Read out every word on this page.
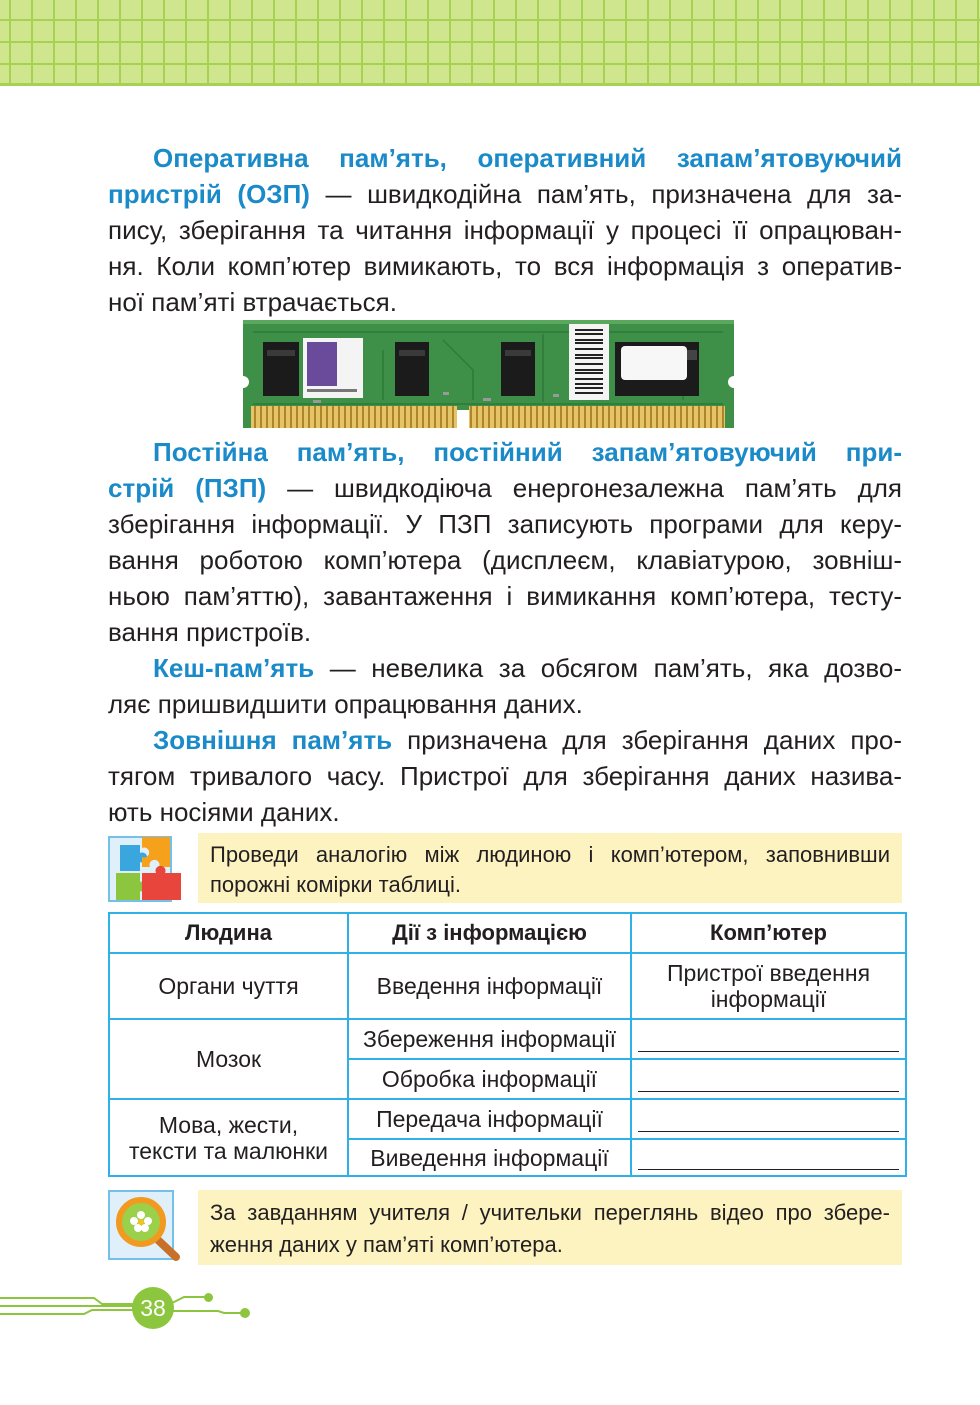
Оперативна пам’ять, оперативний запам’ятовуючий
пристрій (ОЗП) — швидкодійна пам’ять, призначена для за-
пису, зберігання та читання інформації у процесі її опрацюван-
ня. Коли комп’ютер вимикають, то вся інформація з оператив-
ної пам’яті втрачається.
Постійна пам’ять, постійний запам’ятовуючий при-
стрій (ПЗП) — швидкодіюча енергонезалежна пам’ять для
зберігання інформації. У ПЗП записують програми для керу-
вання роботою комп’ютера (дисплеєм, клавіатурою, зовніш-
ньою пам’яттю), завантаження і вимикання комп’ютера, тесту-
вання пристроїв.
Кеш-пам’ять — невелика за обсягом пам’ять, яка дозво-
ляє пришвидшити опрацювання даних.
Зовнішня пам’ять призначена для зберігання даних про-
тягом тривалого часу. Пристрої для зберігання даних назива-
ють носіями даних.
Проведи аналогію між людиною і комп’ютером, заповнивши
порожні комірки таблиці.
Людина	Дії з інформацією	Комп’ютер

Органи чуття	Введення інформації	Пристрої введення
інформації

Мозок	Збереження інформації	

	Обробка інформації	

Мова, жести,
тексти та малюнки	Передача інформації	

	Виведення інформації	
За завданням учителя / учительки переглянь відео про збере-
ження даних у пам’яті комп’ютера.
38
